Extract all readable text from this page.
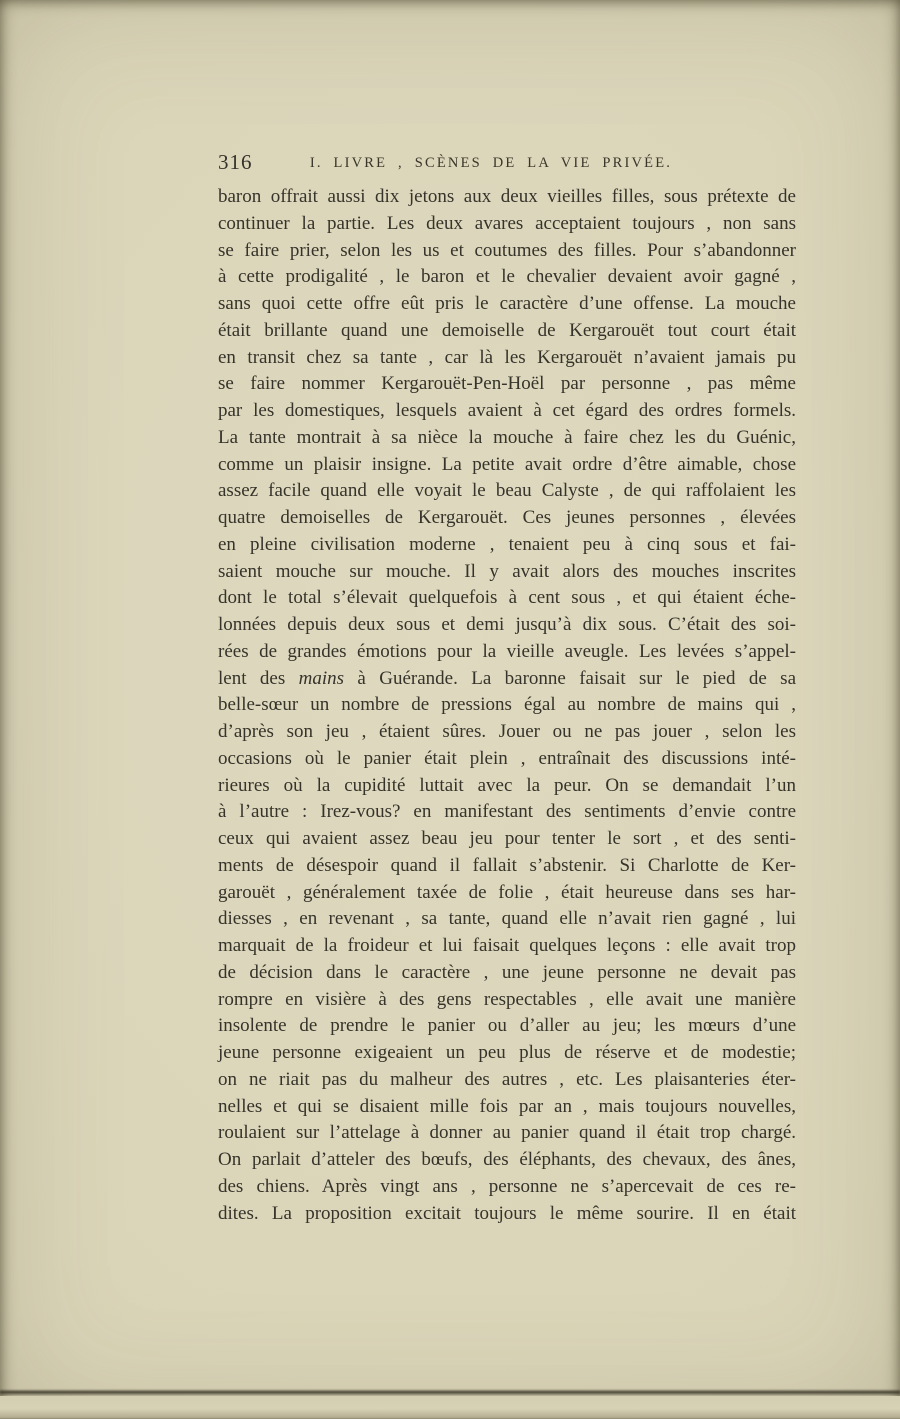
316	I. LIVRE , SCÈNES DE LA VIE PRIVÉE.
baron offrait aussi dix jetons aux deux vieilles filles, sous prétexte de
continuer la partie. Les deux avares acceptaient toujours , non sans
se faire prier, selon les us et coutumes des filles. Pour s’abandonner
à cette prodigalité , le baron et le chevalier devaient avoir gagné ,
sans quoi cette offre eût pris le caractère d’une offense. La mouche
était brillante quand une demoiselle de Kergarouët tout court était
en transit chez sa tante , car là les Kergarouët n’avaient jamais pu
se faire nommer Kergarouët-Pen-Hoël par personne , pas même
par les domestiques, lesquels avaient à cet égard des ordres formels.
La tante montrait à sa nièce la mouche à faire chez les du Guénic,
comme un plaisir insigne. La petite avait ordre d’être aimable, chose
assez facile quand elle voyait le beau Calyste , de qui raffolaient les
quatre demoiselles de Kergarouët. Ces jeunes personnes , élevées
en pleine civilisation moderne , tenaient peu à cinq sous et fai-
saient mouche sur mouche. Il y avait alors des mouches inscrites
dont le total s’élevait quelquefois à cent sous , et qui étaient éche-
lonnées depuis deux sous et demi jusqu’à dix sous. C’était des soi-
rées de grandes émotions pour la vieille aveugle. Les levées s’appel-
lent des mains à Guérande. La baronne faisait sur le pied de sa
belle-sœur un nombre de pressions égal au nombre de mains qui ,
d’après son jeu , étaient sûres. Jouer ou ne pas jouer , selon les
occasions où le panier était plein , entraînait des discussions inté-
rieures où la cupidité luttait avec la peur. On se demandait l’un
à l’autre : Irez-vous? en manifestant des sentiments d’envie contre
ceux qui avaient assez beau jeu pour tenter le sort , et des senti-
ments de désespoir quand il fallait s’abstenir. Si Charlotte de Ker-
garouët , généralement taxée de folie , était heureuse dans ses har-
diesses , en revenant , sa tante, quand elle n’avait rien gagné , lui
marquait de la froideur et lui faisait quelques leçons : elle avait trop
de décision dans le caractère , une jeune personne ne devait pas
rompre en visière à des gens respectables , elle avait une manière
insolente de prendre le panier ou d’aller au jeu; les mœurs d’une
jeune personne exigeaient un peu plus de réserve et de modestie;
on ne riait pas du malheur des autres , etc. Les plaisanteries éter-
nelles et qui se disaient mille fois par an , mais toujours nouvelles,
roulaient sur l’attelage à donner au panier quand il était trop chargé.
On parlait d’atteler des bœufs, des éléphants, des chevaux, des ânes,
des chiens. Après vingt ans , personne ne s’apercevait de ces re-
dites. La proposition excitait toujours le même sourire. Il en était
